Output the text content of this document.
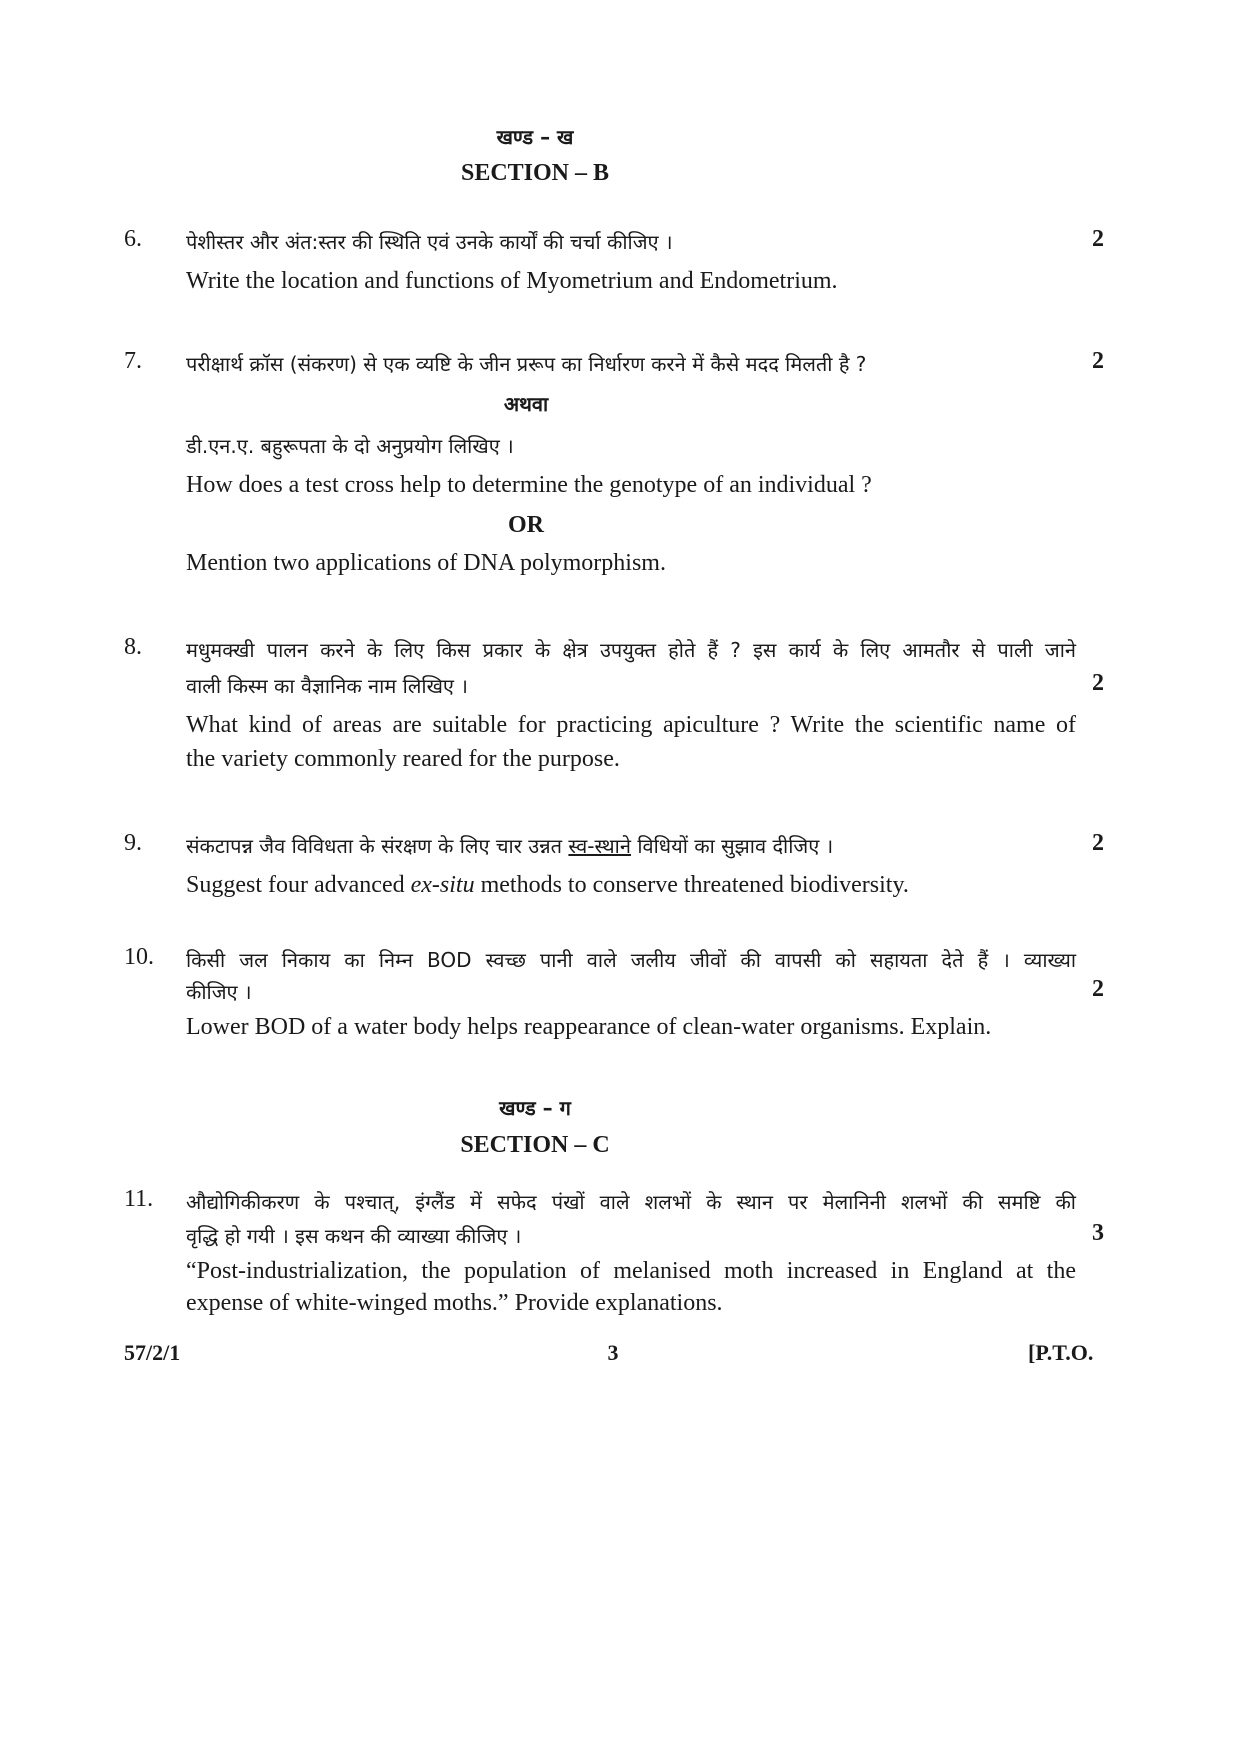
खण्ड – ख
SECTION – B
6. पेशीस्तर और अंत:स्तर की स्थिति एवं उनके कार्यों की चर्चा कीजिए ।	2
Write the location and functions of Myometrium and Endometrium.
7. परीक्षार्थ क्रॉस (संकरण) से एक व्यष्टि के जीन प्ररूप का निर्धारण करने में कैसे मदद मिलती है ?	2
अथवा
डी.एन.ए. बहुरूपता के दो अनुप्रयोग लिखिए ।
How does a test cross help to determine the genotype of an individual ?
OR
Mention two applications of DNA polymorphism.
8. मधुमक्खी पालन करने के लिए किस प्रकार के क्षेत्र उपयुक्त होते हैं ? इस कार्य के लिए आमतौर से पाली जाने
वाली किस्म का वैज्ञानिक नाम लिखिए ।	2
What kind of areas are suitable for practicing apiculture ? Write the scientific name of
the variety commonly reared for the purpose.
9. संकटापन्न जैव विविधता के संरक्षण के लिए चार उन्नत स्व-स्थाने विधियों का सुझाव दीजिए ।	2
Suggest four advanced ex-situ methods to conserve threatened biodiversity.
10. किसी जल निकाय का निम्न BOD स्वच्छ पानी वाले जलीय जीवों की वापसी को सहायता देते हैं । व्याख्या
कीजिए ।	2
Lower BOD of a water body helps reappearance of clean-water organisms. Explain.
खण्ड – ग
SECTION – C
11. औद्योगिकीकरण के पश्चात्, इंग्लैंड में सफेद पंखों वाले शलभों के स्थान पर मेलानिनी शलभों की समष्टि की
वृद्धि हो गयी । इस कथन की व्याख्या कीजिए ।	3
“Post-industrialization, the population of melanised moth increased in England at the
expense of white-winged moths.” Provide explanations.
57/2/1	3	[P.T.O.
